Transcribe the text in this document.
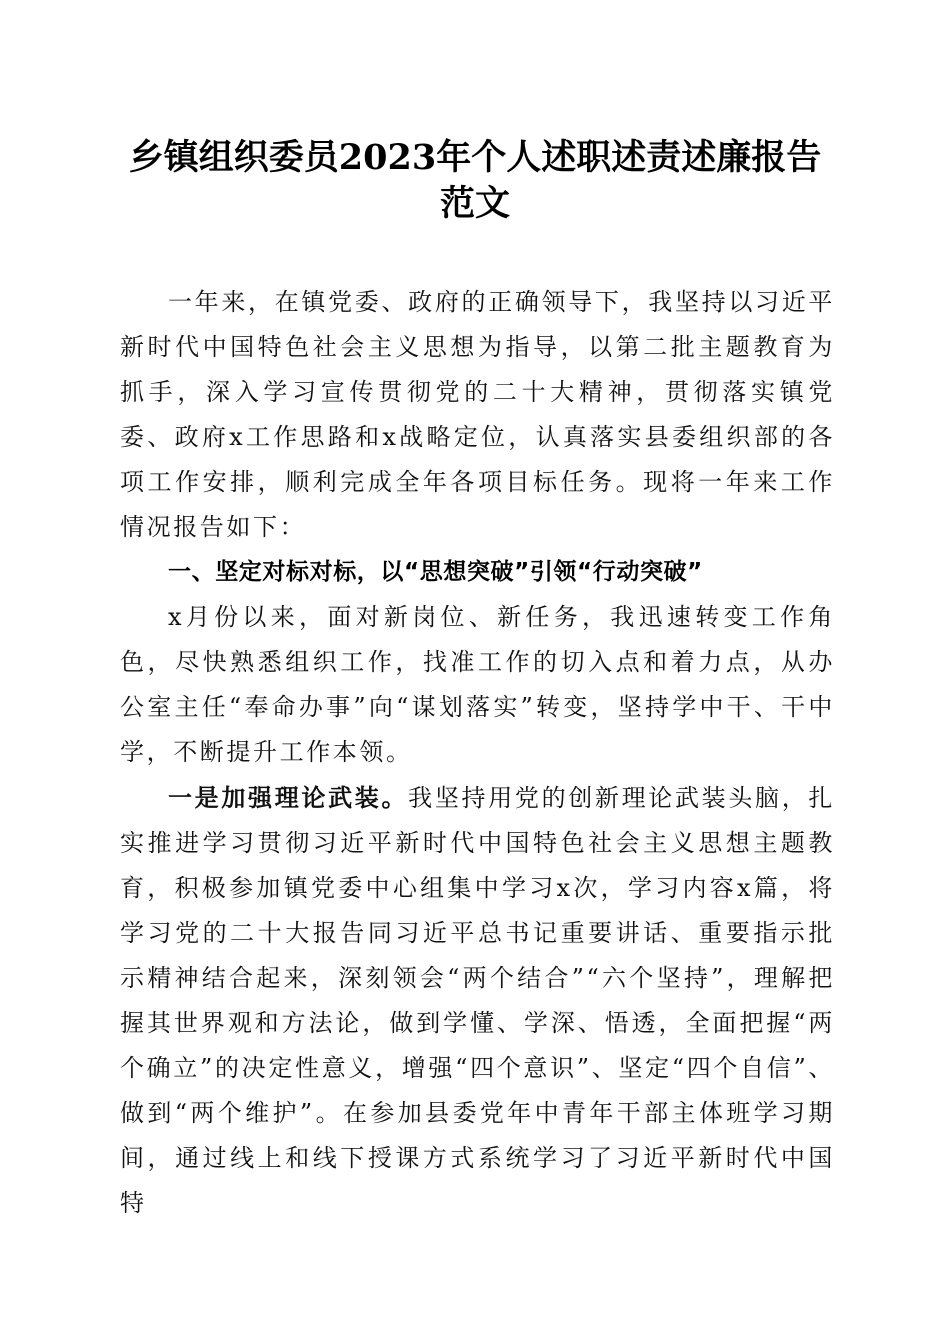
乡镇组织委员2023年个人述职述责述廉报告
范文

一年来，在镇党委、政府的正确领导下，我坚持以习近平新时代中国特色社会主义思想为指导，以第二批主题教育为抓手，深入学习宣传贯彻党的二十大精神，贯彻落实镇党委、政府x工作思路和x战略定位，认真落实县委组织部的各项工作安排，顺利完成全年各项目标任务。现将一年来工作情况报告如下：

一、坚定对标对标，以“思想突破”引领“行动突破”

x月份以来，面对新岗位、新任务，我迅速转变工作角色，尽快熟悉组织工作，找准工作的切入点和着力点，从办公室主任“奉命办事”向“谋划落实”转变，坚持学中干、干中学，不断提升工作本领。

一是加强理论武装。我坚持用党的创新理论武装头脑，扎实推进学习贯彻习近平新时代中国特色社会主义思想主题教育，积极参加镇党委中心组集中学习x次，学习内容x篇，将学习党的二十大报告同习近平总书记重要讲话、重要指示批示精神结合起来，深刻领会“两个结合”“六个坚持”，理解把握其世界观和方法论，做到学懂、学深、悟透，全面把握“两个确立”的决定性意义，增强“四个意识”、坚定“四个自信”、做到“两个维护”。在参加县委党年中青年干部主体班学习期间，通过线上和线下授课方式系统学习了习近平新时代中国特
